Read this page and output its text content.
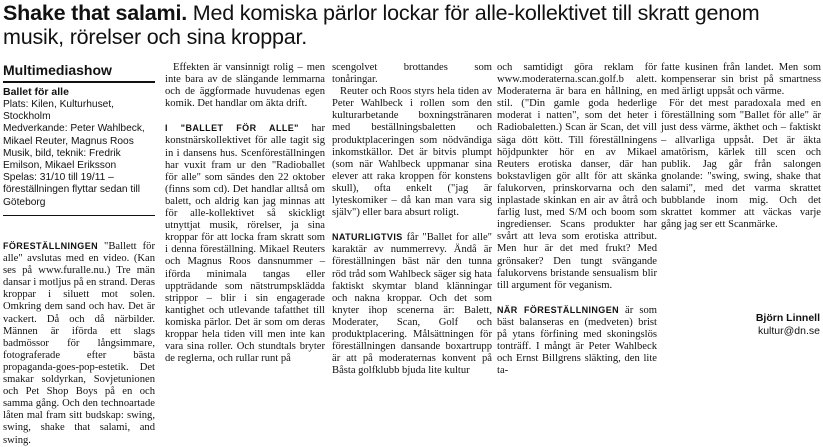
Shake that salami. Med komiska pärlor lockar för alle-kollektivet till skratt genom musik, rörelser och sina kroppar.
Multimediashow
Ballet för alle
Plats: Kilen, Kulturhuset, Stockholm
Medverkande: Peter Wahlbeck, Mikael Reuter, Magnus Roos
Musik, bild, teknik: Fredrik Emilson, Mikael Eriksson
Spelas: 31/10 till 19/11 – föreställningen flyttar sedan till Göteborg

FÖRESTÄLLNINGEN "Ballett för alle" avslutas med en video. (Kan ses på www.furalle.nu.) Tre män dansar i motljus på en strand. Deras kroppar i siluett mot solen. Omkring dem sand och hav. Det är vackert. Då och då närbilder. Männen är iförda ett slags badmössor för långsimmare, fotograferade efter bästa propaganda-goes-pop-estetik. Det smakar soldyrkan, Sovjetunionen och Pet Shop Boys på en och samma gång. Och den technoartade låten mal fram sitt budskap: swing, swing, shake that salami, and swing.

Effekten är vansinnigt rolig – men inte bara av de slängande lemmarna och de äggformade huvudenas egen komik. Det handlar om äkta drift.

I "BALLET FÖR ALLE" har konstnärskollektivet för alle tagit sig in i dansens hus. Scenföreställningen har vuxit fram ur den "Radioballet för alle" som sändes den 22 oktober (finns som cd). Det handlar alltså om balett, och aldrig kan jag minnas att för alle-kollektivet så skickligt utnyttjat musik, rörelser, ja sina kroppar för att locka fram skratt som i denna föreställning. Mikael Reuters och Magnus Roos dansnummer – iförda minimala tangas eller uppträdande som nätstrumpsklädda strippor – blir i sin engagerade kantighet och utlevande tafatthet till komiska pärlor. Det är som om deras kroppar hela tiden vill men inte kan vara sina roller. Och stundtals bryter de reglerna, och rullar runt på

scengolvet brottandes som tonåringar.

Reuter och Roos styrs hela tiden av Peter Wahlbeck i rollen som den kulturarbetande boxningstränaren med beställningsbaletten och produktplaceringen som nödvändiga inkomstkällor. Det är bitvis plumpt (som när Wahlbeck uppmanar sina elever att raka kroppen för konstens skull), ofta enkelt ("jag är lyteskomiker – då kan man vara sig själv") eller bara absurt roligt.

NATURLIGTVIS får "Ballet for alle" karaktär av nummerrevy. Ändå är föreställningen bäst när den tunna röd tråd som Wahlbeck säger sig hata faktiskt skymtar bland klänningar och nakna kroppar. Och det som knyter ihop scenerna är: Balett, Moderater, Scan, Golf och produktplacering. Målsättningen för föreställningen dansande boxartrupp är att på moderaternas konvent på Båsta golfklubb bjuda lite kultur

och samtidigt göra reklam för www.moderaterna.scan.golf.b alett. Moderaterna är bara en hållning, en stil. ("Din gamle goda hederlige moderat i natten", som det heter i Radiobaletten.) Scan är Scan, det vill säga dött kött. Till föreställningens höjdpunkter hör en av Mikael Reuters erotiska danser, där han bokstavligen gör allt för att skänka falukorven, prinskorvarna och den inplastade skinkan en air av åtrå och farlig lust, med S/M och boom som ingredienser. Scans produkter har svårt att leva som erotiska attribut. Men hur är det med frukt? Med grönsaker? Den tungt svängande falukorvens bristande sensualism blir till argument för veganism.

NÄR FÖRESTÄLLNINGEN är som bäst balanseras en (medveten) brist på ytans förfining med skoningslös tonträff. I mångt är Peter Wahlbeck och Ernst Billgrens släkting, den lite ta-

fatte kusinen från landet. Men som kompenserar sin brist på smartness med ärligt uppsåt och värme.

För det mest paradoxala med en föreställning som "Ballet för alle" är just dess värme, äkthet och – faktiskt – allvarliga uppsåt. Det är äkta amatörism, kärlek till scen och publik. Jag går från salongen gnolande: "swing, swing, shake that salami", med det varma skrattet bubblande inom mig. Och det skrattet kommer att väckas varje gång jag ser ett Scanmärke.

Björn Linnell
kultur@dn.se
